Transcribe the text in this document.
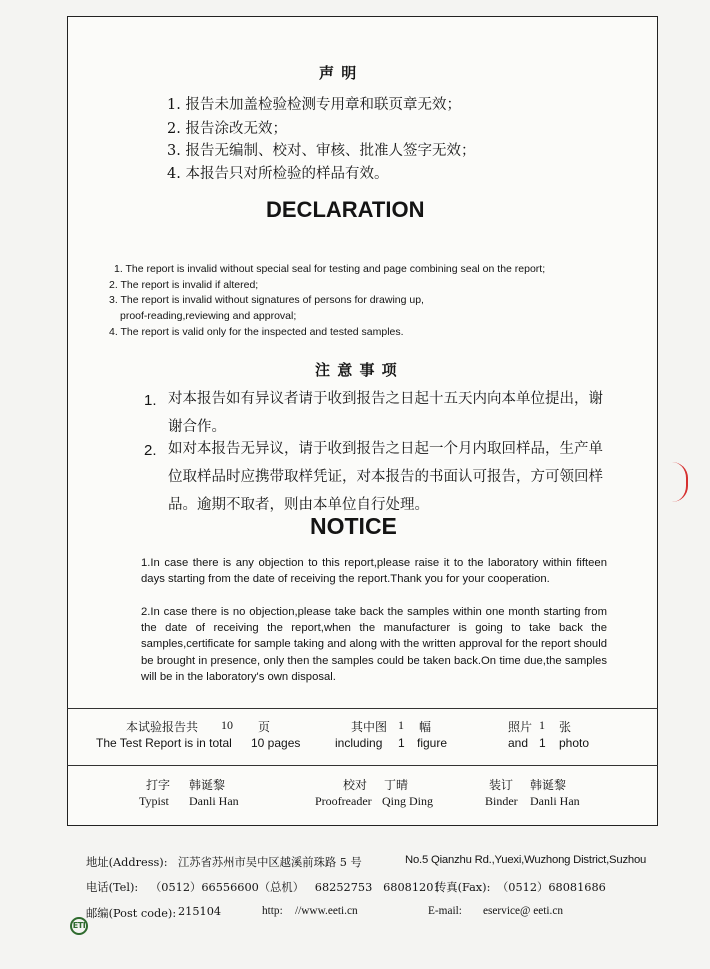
声 明
1. 报告未加盖检验检测专用章和联页章无效；
2. 报告涂改无效；
3. 报告无编制、校对、审核、批准人签字无效；
4. 本报告只对所检验的样品有效。
DECLARATION
1. The report is invalid without special seal for testing and page combining seal on the report;
2. The report is invalid if altered;
3. The report is invalid without signatures of persons for drawing up,
proof-reading,reviewing and approval;
4. The report is valid only for the inspected and tested samples.
注 意 事 项
1. 对本报告如有异议者请于收到报告之日起十五天内向本单位提出，谢谢合作。
2. 如对本报告无异议，请于收到报告之日起一个月内取回样品，生产单位取样品时应携带取样凭证，对本报告的书面认可报告，方可领回样品。逾期不取者，则由本单位自行处理。
NOTICE
1.In case there is any objection to this report,please raise it to the laboratory within fifteen days starting from the date of receiving the report.Thank you for your cooperation.
2.In case there is no objection,please take back the samples within one month starting from the date of receiving the report,when the manufacturer is going to take back the samples,certificate for sample taking and along with the written approval for the report should be brought in presence, only then the samples could be taken back.On time due,the samples will be in the laboratory's own disposal.
本试验报告共 10 页	其中图 1 幅	照片 1 张
The Test Report is in total 10 pages	including 1 figure	and 1 photo
打字 韩诞黎
Typist Danli Han
校对 丁晴
Proofreader Qing Ding
装订 韩诞黎
Binder Danli Han
地址(Address): 江苏省苏州市吴中区越溪前珠路 5 号	No.5 Qianzhu Rd.,Yuexi,Wuzhong District,Suzhou
电话(Tel): （0512）66556600（总机）   68252753   68081201
传真(Fax): （0512）68081686
邮编(Post code): 215104	http: //www.eeti.cn	E-mail: eservice@ eeti.cn
ETI
